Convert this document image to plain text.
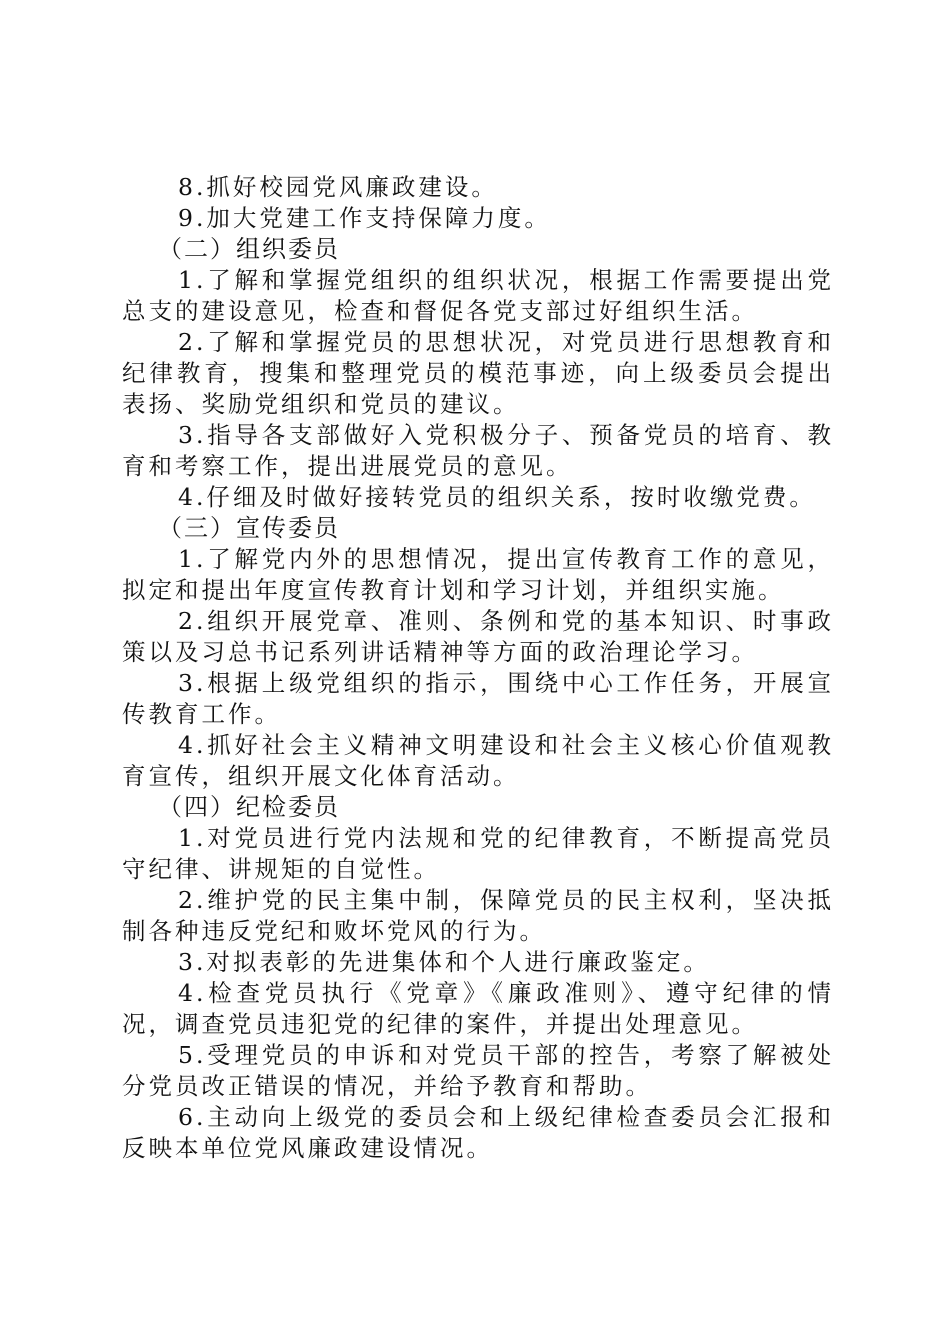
8.抓好校园党风廉政建设。

9.加大党建工作支持保障力度。

（二）组织委员

1.了解和掌握党组织的组织状况，根据工作需要提出党总支的建设意见，检查和督促各党支部过好组织生活。

2.了解和掌握党员的思想状况，对党员进行思想教育和纪律教育，搜集和整理党员的模范事迹，向上级委员会提出表扬、奖励党组织和党员的建议。

3.指导各支部做好入党积极分子、预备党员的培育、教育和考察工作，提出进展党员的意见。

4.仔细及时做好接转党员的组织关系，按时收缴党费。

（三）宣传委员

1.了解党内外的思想情况，提出宣传教育工作的意见，拟定和提出年度宣传教育计划和学习计划，并组织实施。

2.组织开展党章、准则、条例和党的基本知识、时事政策以及习总书记系列讲话精神等方面的政治理论学习。

3.根据上级党组织的指示，围绕中心工作任务，开展宣传教育工作。

4.抓好社会主义精神文明建设和社会主义核心价值观教育宣传，组织开展文化体育活动。

（四）纪检委员

1.对党员进行党内法规和党的纪律教育，不断提高党员守纪律、讲规矩的自觉性。

2.维护党的民主集中制，保障党员的民主权利，坚决抵制各种违反党纪和败坏党风的行为。

3.对拟表彰的先进集体和个人进行廉政鉴定。

4.检查党员执行《党章》《廉政准则》、遵守纪律的情况，调查党员违犯党的纪律的案件，并提出处理意见。

5.受理党员的申诉和对党员干部的控告，考察了解被处分党员改正错误的情况，并给予教育和帮助。

6.主动向上级党的委员会和上级纪律检查委员会汇报和反映本单位党风廉政建设情况。
